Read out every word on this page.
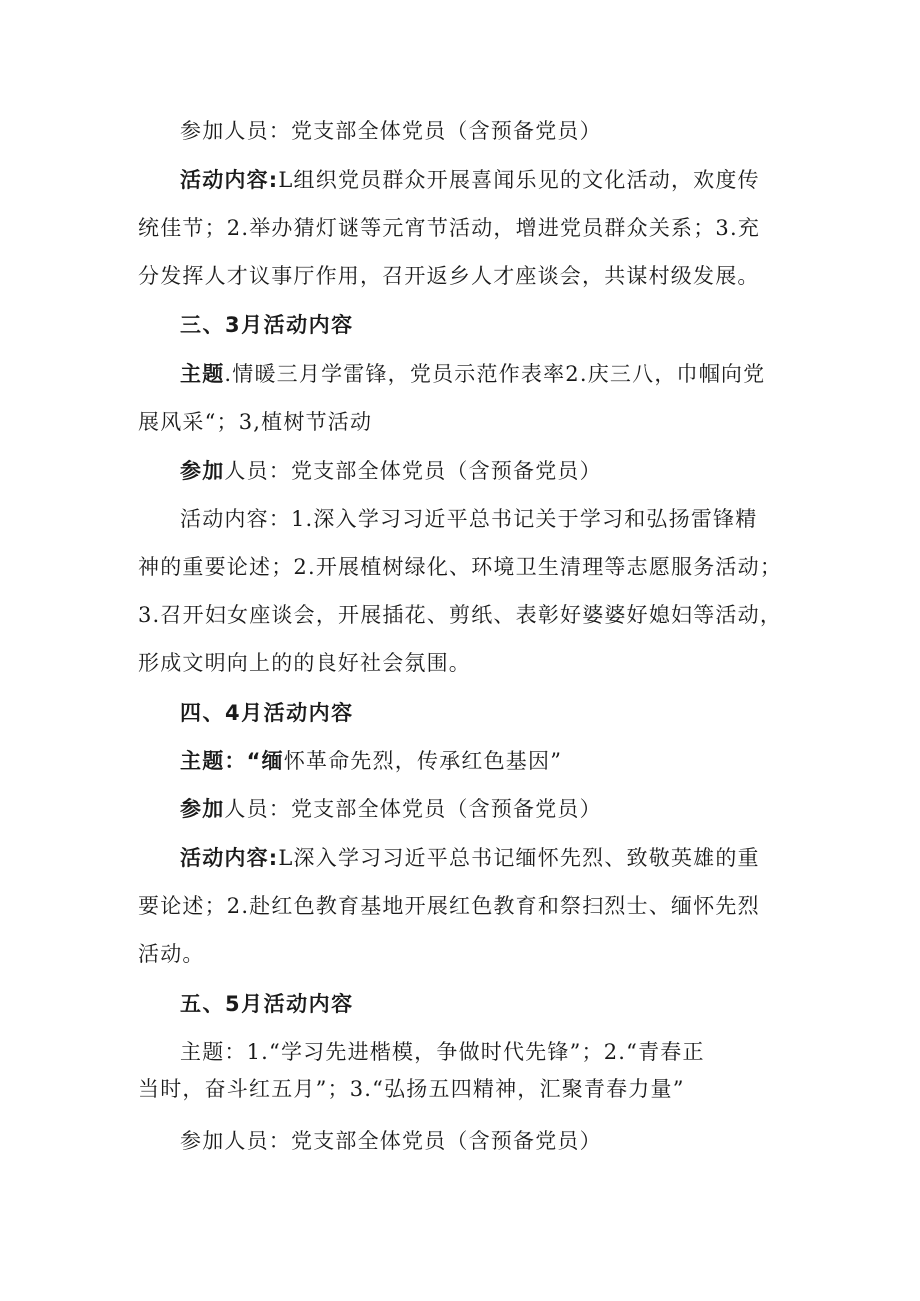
参加人员：党支部全体党员（含预备党员）
活动内容:L组织党员群众开展喜闻乐见的文化活动，欢度传
统佳节；2.举办猜灯谜等元宵节活动，增进党员群众关系；3.充
分发挥人才议事厅作用，召开返乡人才座谈会，共谋村级发展。
三、3月活动内容
主题.情暖三月学雷锋，党员示范作表率2.庆三八，巾帼向党
展风采“；3,植树节活动
参加人员：党支部全体党员（含预备党员）
活动内容：1.深入学习习近平总书记关于学习和弘扬雷锋精
神的重要论述；2.开展植树绿化、环境卫生清理等志愿服务活动；
3.召开妇女座谈会，开展插花、剪纸、表彰好婆婆好媳妇等活动，
形成文明向上的的良好社会氛围。
四、4月活动内容
主题：“缅怀革命先烈，传承红色基因”
参加人员：党支部全体党员（含预备党员）
活动内容:L深入学习习近平总书记缅怀先烈、致敬英雄的重
要论述；2.赴红色教育基地开展红色教育和祭扫烈士、缅怀先烈
活动。
五、5月活动内容
主题：1.“学习先进楷模，争做时代先锋”；2.“青春正
当时，奋斗红五月”；3.“弘扬五四精神，汇聚青春力量”
参加人员：党支部全体党员（含预备党员）
